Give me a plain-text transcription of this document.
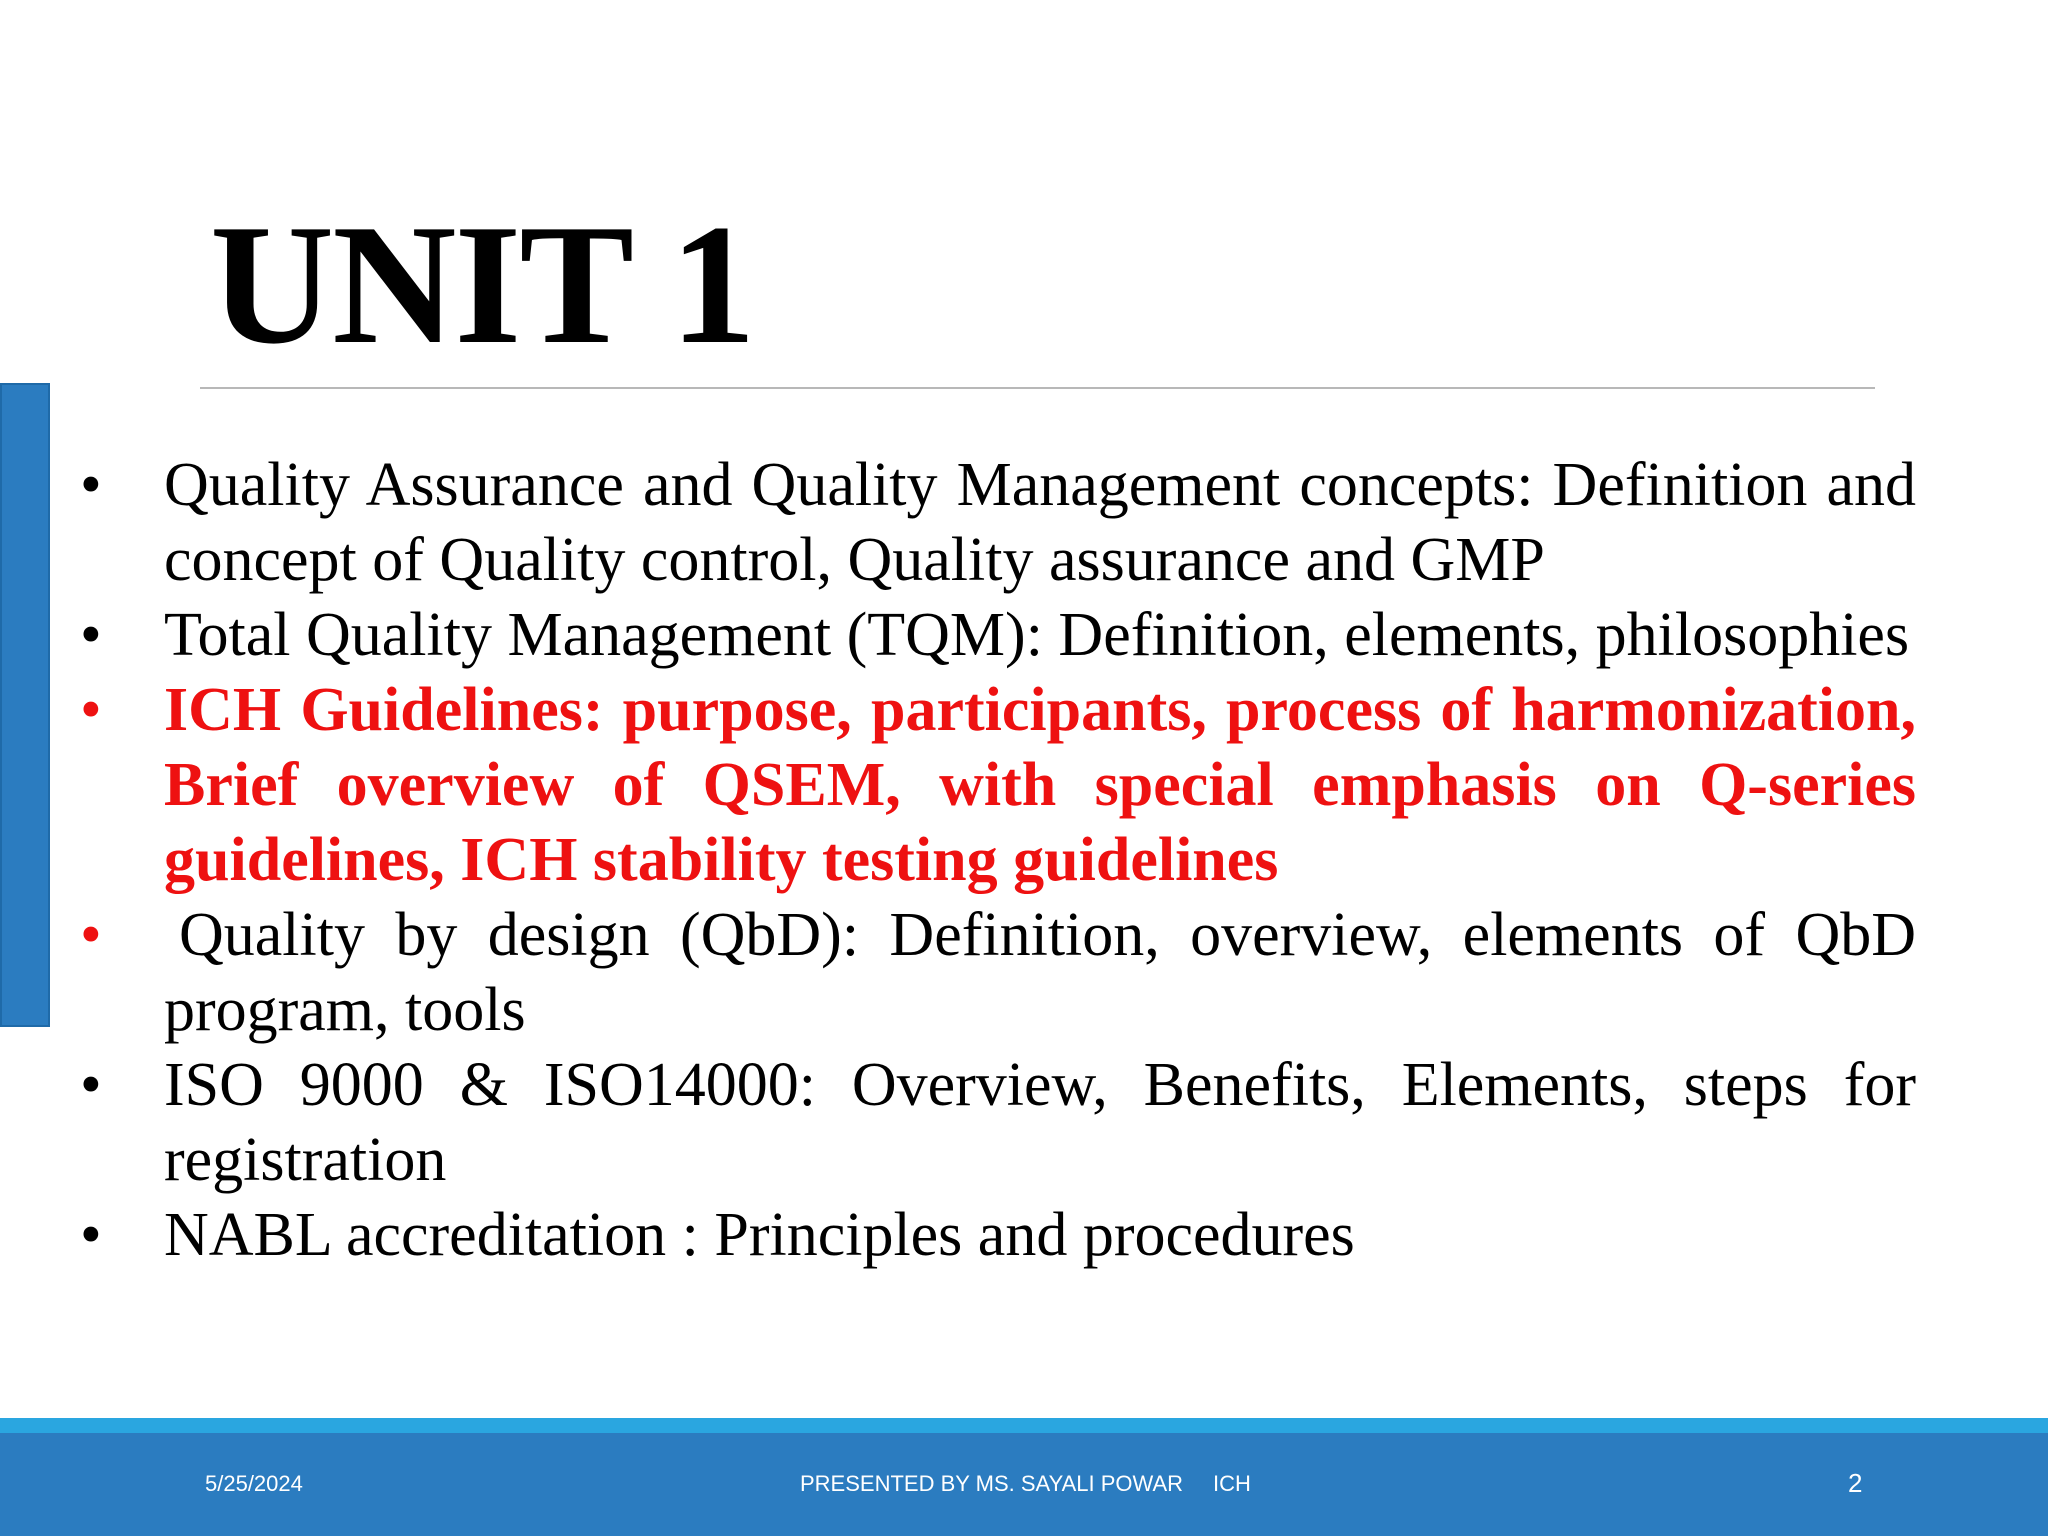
UNIT 1
• Quality Assurance and Quality Management concepts: Definition and concept of Quality control, Quality assurance and GMP
• Total Quality Management (TQM): Definition, elements, philosophies
• ICH Guidelines: purpose, participants, process of harmonization, Brief overview of QSEM, with special emphasis on Q-series guidelines, ICH stability testing guidelines
• Quality by design (QbD): Definition, overview, elements of QbD program, tools
• ISO 9000 & ISO14000: Overview, Benefits, Elements, steps for registration
• NABL accreditation : Principles and procedures
5/25/2024	PRESENTED BY MS. SAYALI POWAR ICH	2
